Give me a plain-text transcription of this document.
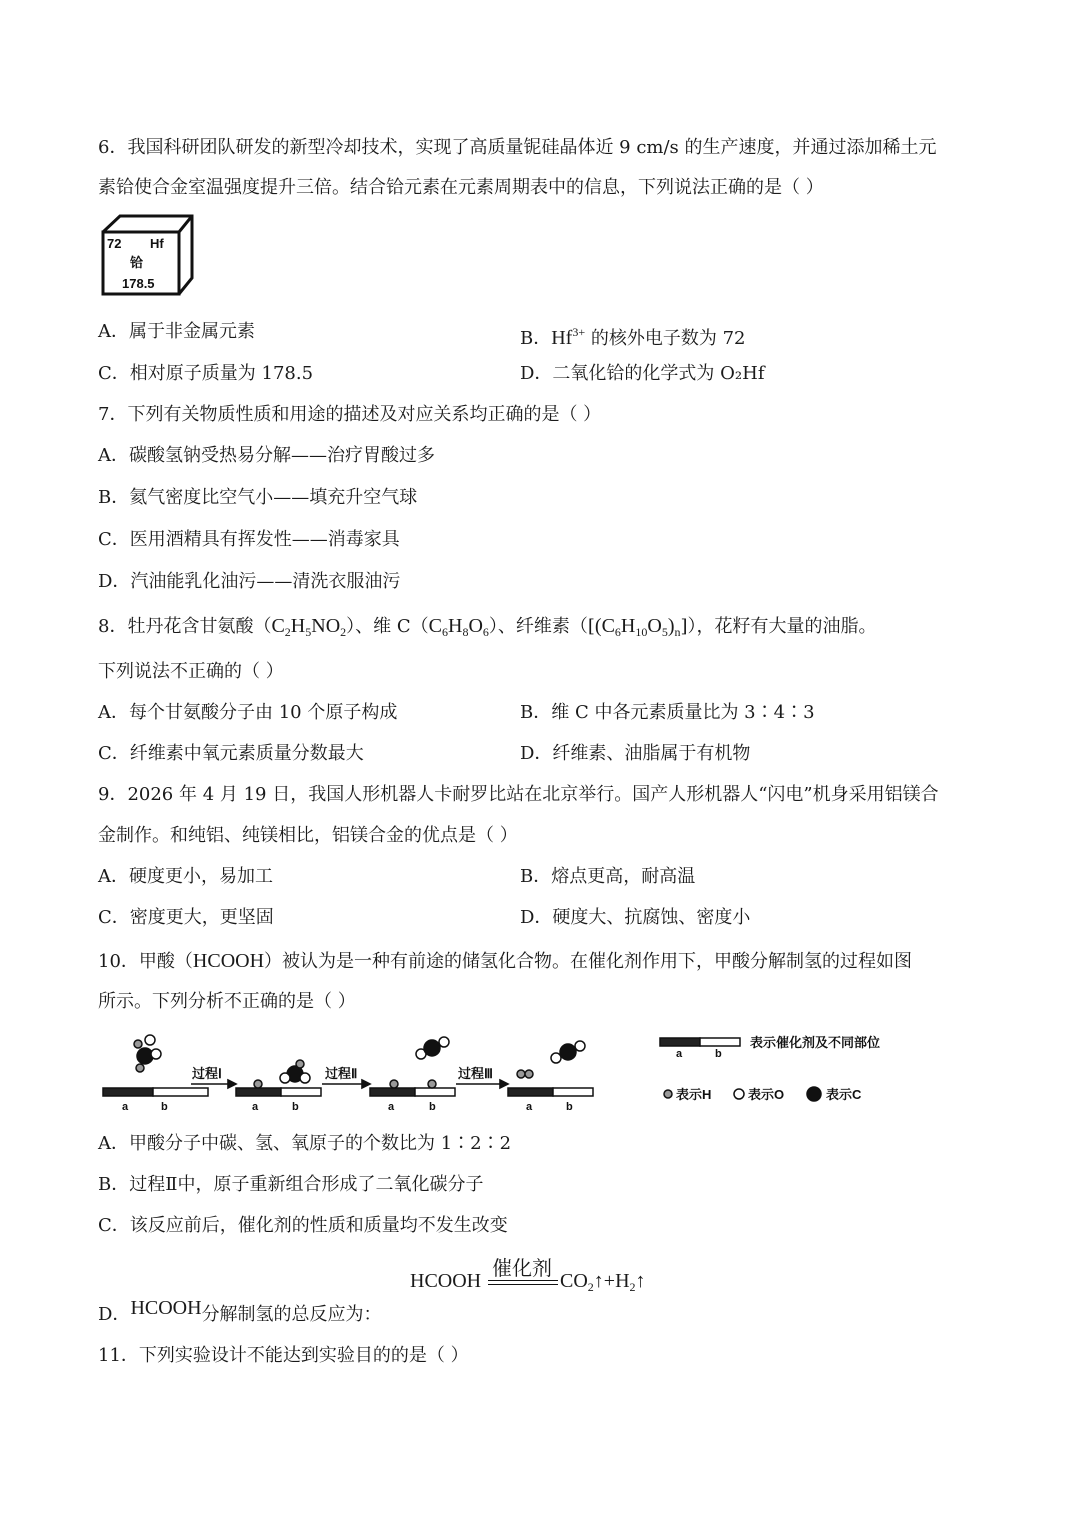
6．我国科研团队研发的新型冷却技术，实现了高质量铌硅晶体近 9 cm/s 的生产速度，并通过添加稀土元
素铪使合金室温强度提升三倍。结合铪元素在元素周期表中的信息，下列说法正确的是（ ）
72 Hf
铪
178.5
A．属于非金属元素	B．$Hf^{3+}$ 的核外电子数为 72
C．相对原子质量为 178.5	D．二氧化铪的化学式为 O₂Hf
7．下列有关物质性质和用途的描述及对应关系均正确的是（ ）
A．碳酸氢钠受热易分解——治疗胃酸过多
B．氦气密度比空气小——填充升空气球
C．医用酒精具有挥发性——消毒家具
D．汽油能乳化油污——清洗衣服油污
8．牡丹花含甘氨酸$(C_2H_5NO_2)$、维 $C(C_6H_8O_6)$、纤维素$([(C_6H_{10}O_5)_n])$，花籽有大量的油脂。
下列说法不正确的（ ）
A．每个甘氨酸分子由 10 个原子构成	B．维 C 中各元素质量比为 3∶4∶3
C．纤维素中氧元素质量分数最大	D．纤维素、油脂属于有机物
9．2026 年 4 月 19 日，我国人形机器人卡耐罗比站在北京举行。国产人形机器人“闪电”机身采用铝镁合
金制作。和纯铝、纯镁相比，铝镁合金的优点是（ ）
A．硬度更小，易加工	B．熔点更高，耐高温
C．密度更大，更坚固	D．硬度大、抗腐蚀、密度小
10．甲酸（HCOOH）被认为是一种有前途的储氢化合物。在催化剂作用下，甲酸分解制氢的过程如图
所示。下列分析不正确的是（ ）
过程Ⅰ	过程Ⅱ	过程Ⅲ
a	b	a	b	a	b	a	b
a	b
表示催化剂及不同部位
表示H	表示O	表示C
A．甲酸分子中碳、氢、氧原子的个数比为 1∶2∶2
B．过程Ⅱ中，原子重新组合形成了二氧化碳分子
C．该反应前后，催化剂的性质和质量均不发生改变
HCOOH
催化剂
$CO_2↑+H_2↑$
D．HCOOH分解制氢的总反应为：
11．下列实验设计不能达到实验目的的是（ ）
